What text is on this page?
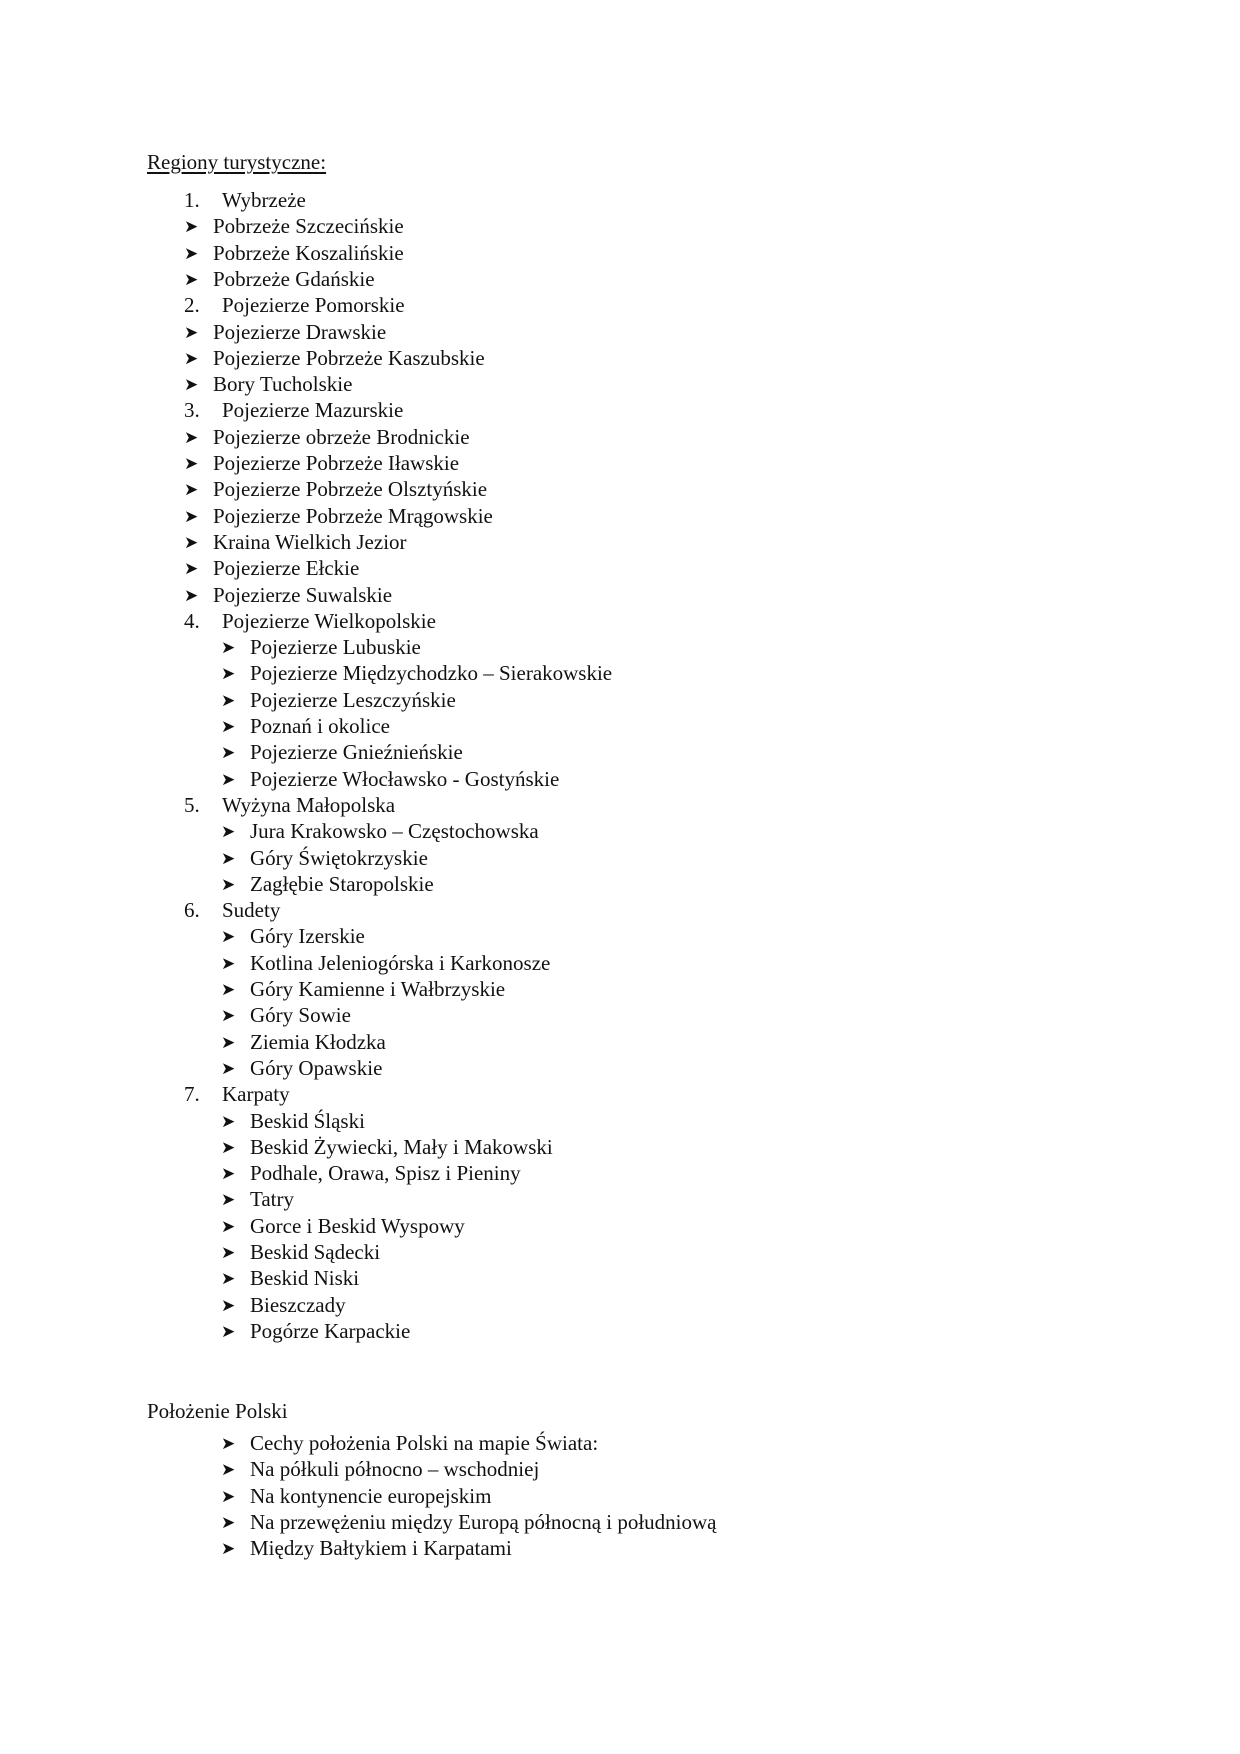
Regiony turystyczne:
1. Wybrzeże
➤ Pobrzeże Szczecińskie
➤ Pobrzeże Koszalińskie
➤ Pobrzeże Gdańskie
2. Pojezierze Pomorskie
➤ Pojezierze Drawskie
➤ Pojezierze Pobrzeże Kaszubskie
➤ Bory Tucholskie
3. Pojezierze Mazurskie
➤ Pojezierze obrzeże Brodnickie
➤ Pojezierze Pobrzeże Iławskie
➤ Pojezierze Pobrzeże Olsztyńskie
➤ Pojezierze Pobrzeże Mrągowskie
➤ Kraina Wielkich Jezior
➤ Pojezierze Ełckie
➤ Pojezierze Suwalskie
4. Pojezierze Wielkopolskie
➤ Pojezierze Lubuskie
➤ Pojezierze Międzychodzko – Sierakowskie
➤ Pojezierze Leszczyńskie
➤ Poznań i okolice
➤ Pojezierze Gnieźnieńskie
➤ Pojezierze Włocławsko - Gostyńskie
5. Wyżyna Małopolska
➤ Jura Krakowsko – Częstochowska
➤ Góry Świętokrzyskie
➤ Zagłębie Staropolskie
6. Sudety
➤ Góry Izerskie
➤ Kotlina Jeleniogórska i Karkonosze
➤ Góry Kamienne i Wałbrzyskie
➤ Góry Sowie
➤ Ziemia Kłodzka
➤ Góry Opawskie
7. Karpaty
➤ Beskid Śląski
➤ Beskid Żywiecki, Mały i Makowski
➤ Podhale, Orawa, Spisz i Pieniny
➤ Tatry
➤ Gorce i Beskid Wyspowy
➤ Beskid Sądecki
➤ Beskid Niski
➤ Bieszczady
➤ Pogórze Karpackie
Położenie Polski
➤ Cechy położenia Polski na mapie Świata:
➤ Na półkuli północno – wschodniej
➤ Na kontynencie europejskim
➤ Na przewężeniu między Europą północną i południową
➤ Między Bałtykiem i Karpatami
